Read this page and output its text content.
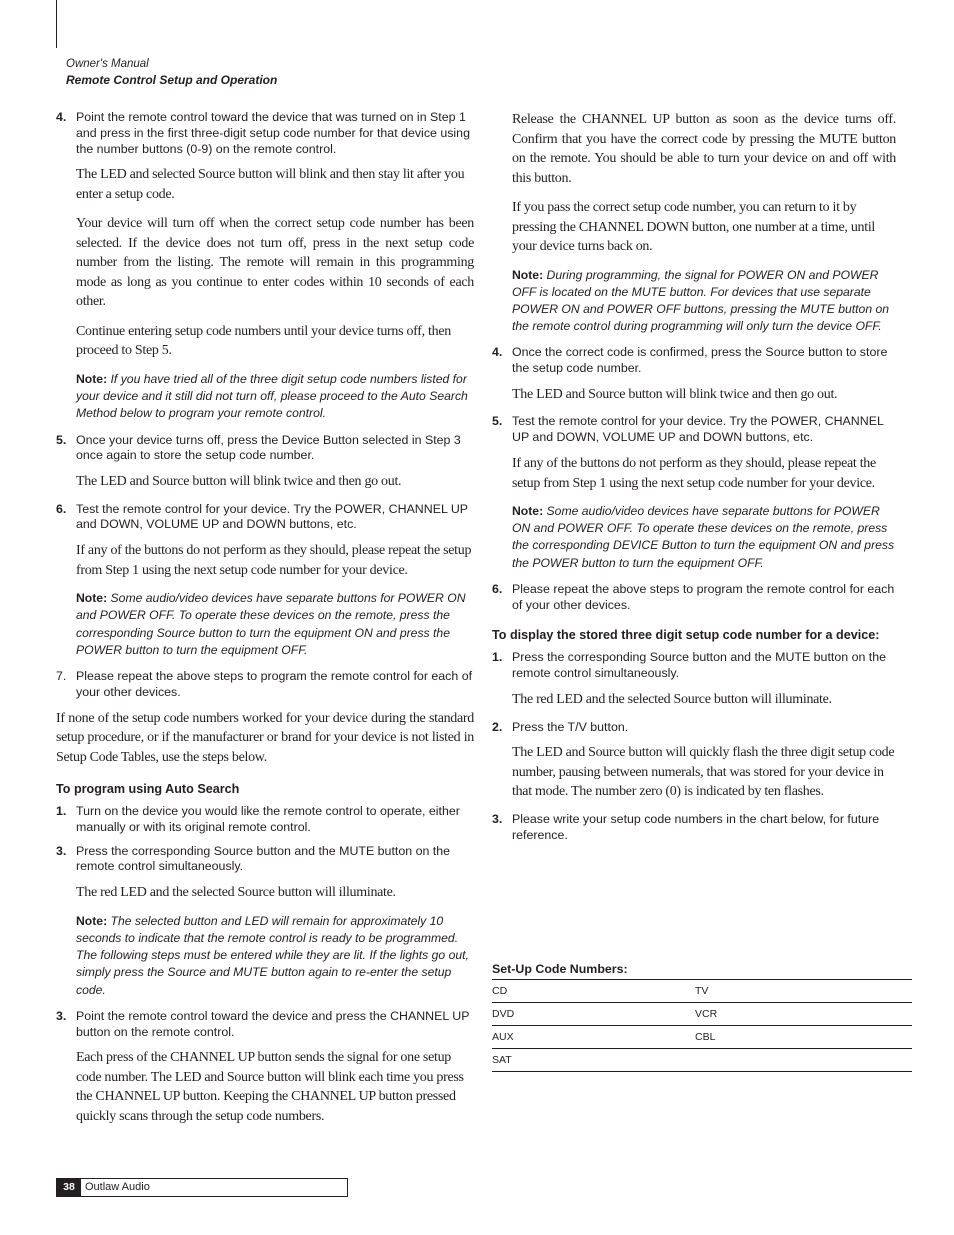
Owner's Manual
Remote Control Setup and Operation
4. Point the remote control toward the device that was turned on in Step 1 and press in the first three-digit setup code number for that device using the number buttons (0-9) on the remote control.

The LED and selected Source button will blink and then stay lit after you enter a setup code.

Your device will turn off when the correct setup code number has been selected. If the device does not turn off, press in the next setup code number from the listing. The remote will remain in this programming mode as long as you continue to enter codes within 10 seconds of each other.

Continue entering setup code numbers until your device turns off, then proceed to Step 5.

Note: If you have tried all of the three digit setup code numbers listed for your device and it still did not turn off, please proceed to the Auto Search Method below to program your remote control.

5. Once your device turns off, press the Device Button selected in Step 3 once again to store the setup code number.

The LED and Source button will blink twice and then go out.

6. Test the remote control for your device. Try the POWER, CHANNEL UP and DOWN, VOLUME UP and DOWN buttons, etc.

If any of the buttons do not perform as they should, please repeat the setup from Step 1 using the next setup code number for your device.

Note: Some audio/video devices have separate buttons for POWER ON and POWER OFF. To operate these devices on the remote, press the corresponding Source button to turn the equipment ON and press the POWER button to turn the equipment OFF.

7. Please repeat the above steps to program the remote control for each of your other devices.

If none of the setup code numbers worked for your device during the standard setup procedure, or if the manufacturer or brand for your device is not listed in Setup Code Tables, use the steps below.

To program using Auto Search
1. Turn on the device you would like the remote control to operate, either manually or with its original remote control.
3. Press the corresponding Source button and the MUTE button on the remote control simultaneously.

The red LED and the selected Source button will illuminate.

Note: The selected button and LED will remain for approximately 10 seconds to indicate that the remote control is ready to be programmed. The following steps must be entered while they are lit. If the lights go out, simply press the Source and MUTE button again to re-enter the setup code.

3. Point the remote control toward the device and press the CHANNEL UP button on the remote control.

Each press of the CHANNEL UP button sends the signal for one setup code number. The LED and Source button will blink each time you press the CHANNEL UP button. Keeping the CHANNEL UP button pressed quickly scans through the setup code numbers.

Release the CHANNEL UP button as soon as the device turns off. Confirm that you have the correct code by pressing the MUTE button on the remote. You should be able to turn your device on and off with this button.

If you pass the correct setup code number, you can return to it by pressing the CHANNEL DOWN button, one number at a time, until your device turns back on.

Note: During programming, the signal for POWER ON and POWER OFF is located on the MUTE button. For devices that use separate POWER ON and POWER OFF buttons, pressing the MUTE button on the remote control during programming will only turn the device OFF.

4. Once the correct code is confirmed, press the Source button to store the setup code number.

The LED and Source button will blink twice and then go out.

5. Test the remote control for your device. Try the POWER, CHANNEL UP and DOWN, VOLUME UP and DOWN buttons, etc.

If any of the buttons do not perform as they should, please repeat the setup from Step 1 using the next setup code number for your device.

Note: Some audio/video devices have separate buttons for POWER ON and POWER OFF. To operate these devices on the remote, press the corresponding DEVICE Button to turn the equipment ON and press the POWER button to turn the equipment OFF.

6. Please repeat the above steps to program the remote control for each of your other devices.
To display the stored three digit setup code number for a device:
1. Press the corresponding Source button and the MUTE button on the remote control simultaneously.

The red LED and the selected Source button will illuminate.

2. Press the T/V button.

The LED and Source button will quickly flash the three digit setup code number, pausing between numerals, that was stored for your device in that mode. The number zero (0) is indicated by ten flashes.

3. Please write your setup code numbers in the chart below, for future reference.
Set-Up Code Numbers:
CD	TV
DVD	VCR
AUX	CBL
SAT
38 Outlaw Audio
